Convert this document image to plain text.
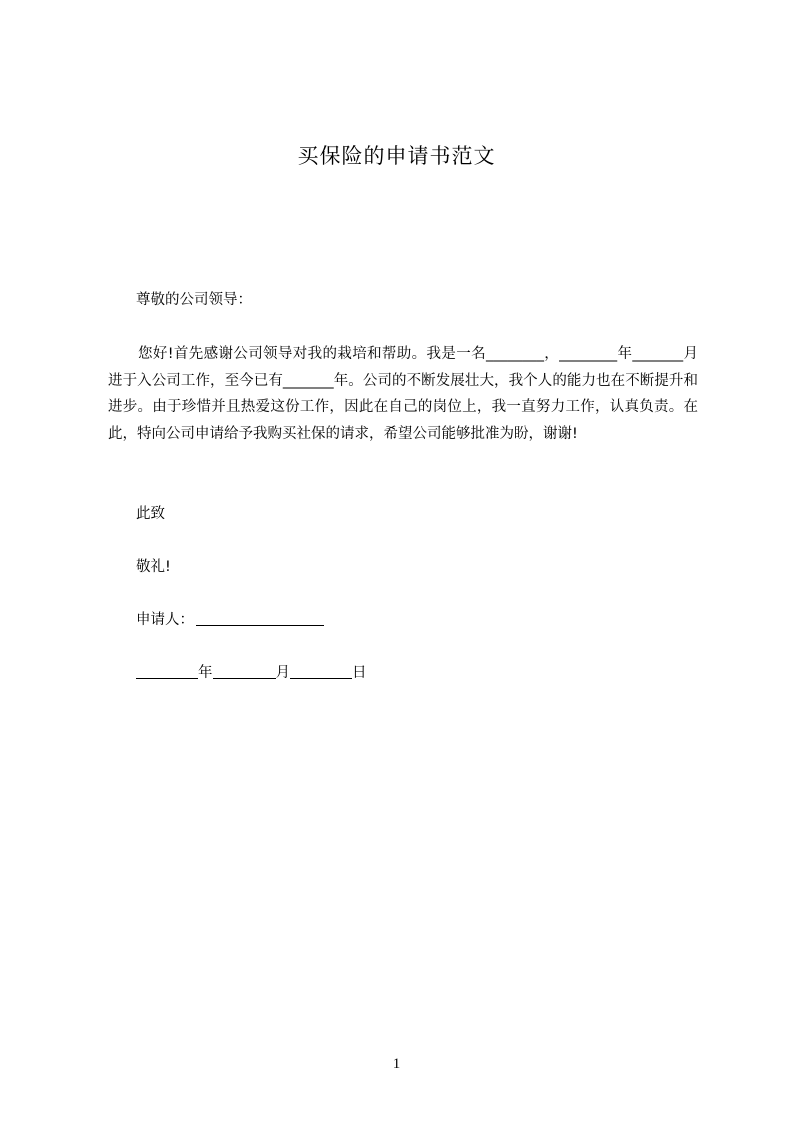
买保险的申请书范文
尊敬的公司领导：
您好!首先感谢公司领导对我的栽培和帮助。我是一名________，________年_______月进于入公司工作，至今已有_______年。公司的不断发展壮大，我个人的能力也在不断提升和进步。由于珍惜并且热爱这份工作，因此在自己的岗位上，我一直努力工作，认真负责。在此，特向公司申请给予我购买社保的请求，希望公司能够批准为盼，谢谢!
此致
敬礼!
申请人：
年	月	日
1
